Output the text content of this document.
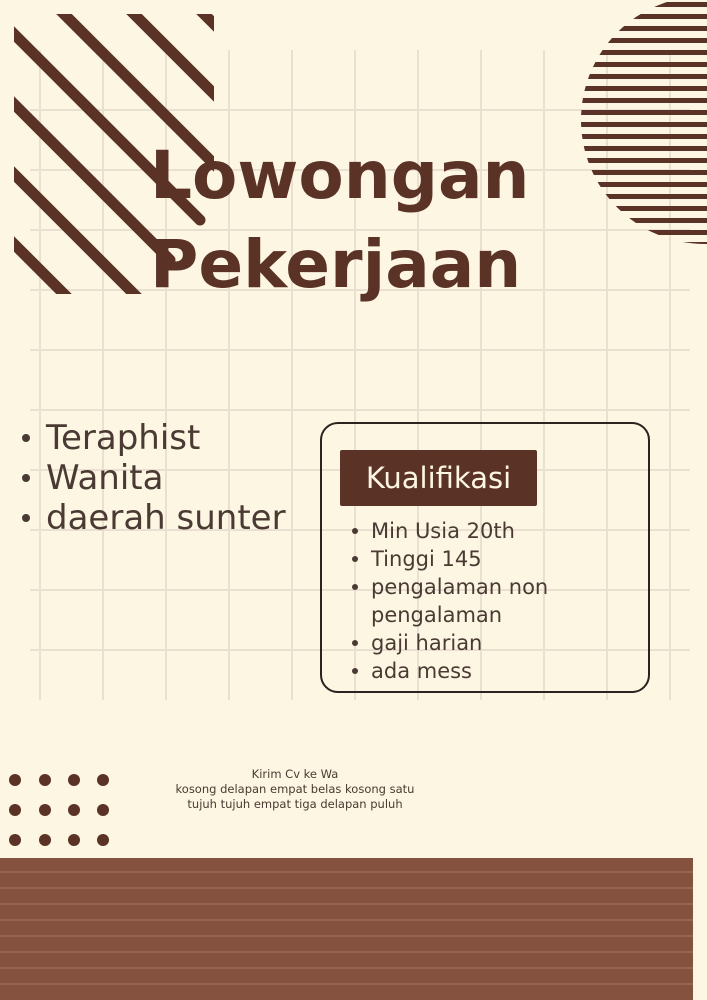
Lowongan
Pekerjaan
Teraphist
Wanita
daerah sunter
Kualifikasi
Min Usia 20th
Tinggi 145
pengalaman non pengalaman
gaji harian
ada mess
Kirim Cv ke Wa
kosong delapan empat belas kosong satu
tujuh tujuh empat tiga delapan puluh
